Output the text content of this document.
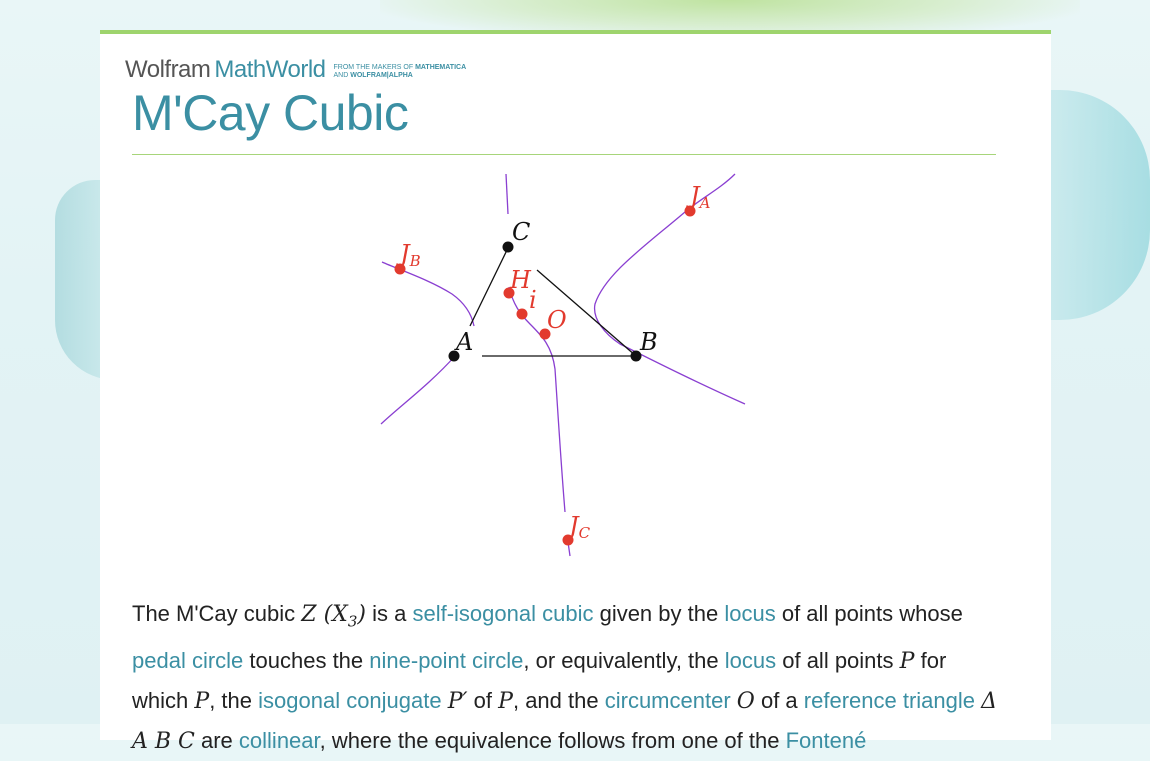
Wolfram MathWorld FROM THE MAKERS OF MATHEMATICA
AND WOLFRAM|ALPHA
M'Cay Cubic
A	B
C
H
i
O
JA
JB
JC
The M'Cay cubic Z $(X_3)$ is a self-isogonal cubic given by the locus of all points whose pedal circle touches the nine-point circle, or equivalently, the locus of all points P for which P, the isogonal conjugate P′ of P, and the circumcenter O of a reference triangle Δ A B C are collinear, where the equivalence follows from one of the Fontené
